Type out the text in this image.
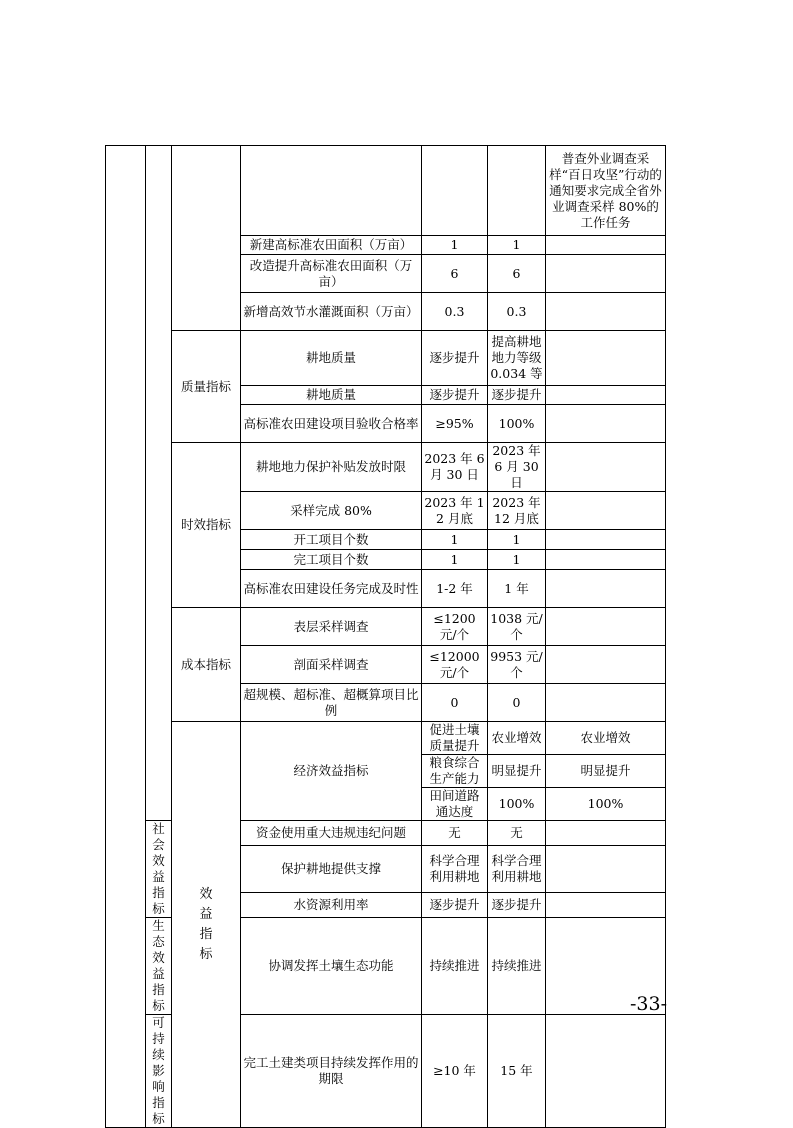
						普查外业调查采样“百日攻坚”行动的通知要求完成全省外业调查采样 80%的工作任务	
			新建高标准农田面积（万亩）	1	1		
			改造提升高标准农田面积（万亩）	6	6		
			新增高效节水灌溉面积（万亩）	0.3	0.3		
		质量指标	耕地质量	逐步提升	提高耕地地力等级0.034 等		
			耕地质量	逐步提升	逐步提升		
			高标准农田建设项目验收合格率	≥95%	100%		
		时效指标	耕地地力保护补贴发放时限	2023 年 6 月 30 日	2023 年 6 月 30 日		
			采样完成 80%	2023 年 12 月底	2023 年 12 月底		
			开工项目个数	1	1		
			完工项目个数	1	1		
			高标准农田建设任务完成及时性	1-2 年	1 年		
		成本指标	表层采样调查	≤1200 元/个	1038 元/个		
			剖面采样调查	≤12000 元/个	9953 元/个		
			超规模、超标准、超概算项目比例	0	0		
		效益指标	经济效益指标	促进土壤质量提升	农业增效	农业增效	
				粮食综合生产能力	明显提升	明显提升	
				田间道路通达度	100%	100%	
	社会效益指标		资金使用重大违规违纪问题	无	无		
			保护耕地提供支撑	科学合理利用耕地	科学合理利用耕地		
			水资源利用率	逐步提升	逐步提升		
	生态效益指标		协调发挥土壤生态功能	持续推进	持续推进		
	可持续影响指标		完工土建类项目持续发挥作用的期限	≥10 年	15 年		
-33-
